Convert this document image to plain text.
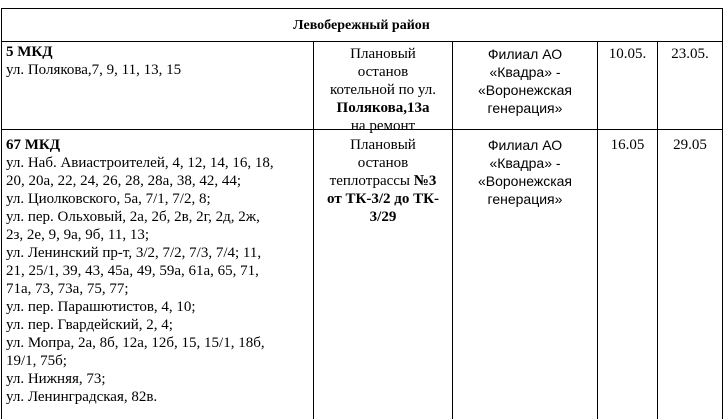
Левобережный район
5 МКД
ул. Полякова,7, 9, 11, 13, 15
Плановый
останов
котельной по ул.
Полякова,13а
на ремонт
Филиал АО
«Квадра» -
«Воронежская
генерация»
10.05.	23.05.
67 МКД
ул. Наб. Авиастроителей, 4, 12, 14, 16, 18,
20, 20а, 22, 24, 26, 28, 28а, 38, 42, 44;
ул. Циолковского, 5а, 7/1, 7/2, 8;
ул. пер. Ольховый, 2а, 2б, 2в, 2г, 2д, 2ж,
2з, 2е, 9, 9а, 9б, 11, 13;
ул. Ленинский пр-т, 3/2, 7/2, 7/3, 7/4; 11,
21, 25/1, 39, 43, 45а, 49, 59а, 61а, 65, 71,
71а, 73, 73а, 75, 77;
ул. пер. Парашютистов, 4, 10;
ул. пер. Гвардейский, 2, 4;
ул. Мопра, 2а, 8б, 12а, 12б, 15, 15/1, 18б,
19/1, 75б;
ул. Нижняя, 73;
ул. Ленинградская, 82в.
Плановый
останов
теплотрассы №3
от ТК-3/2 до ТК-
3/29
Филиал АО
«Квадра» -
«Воронежская
генерация»
16.05	29.05
